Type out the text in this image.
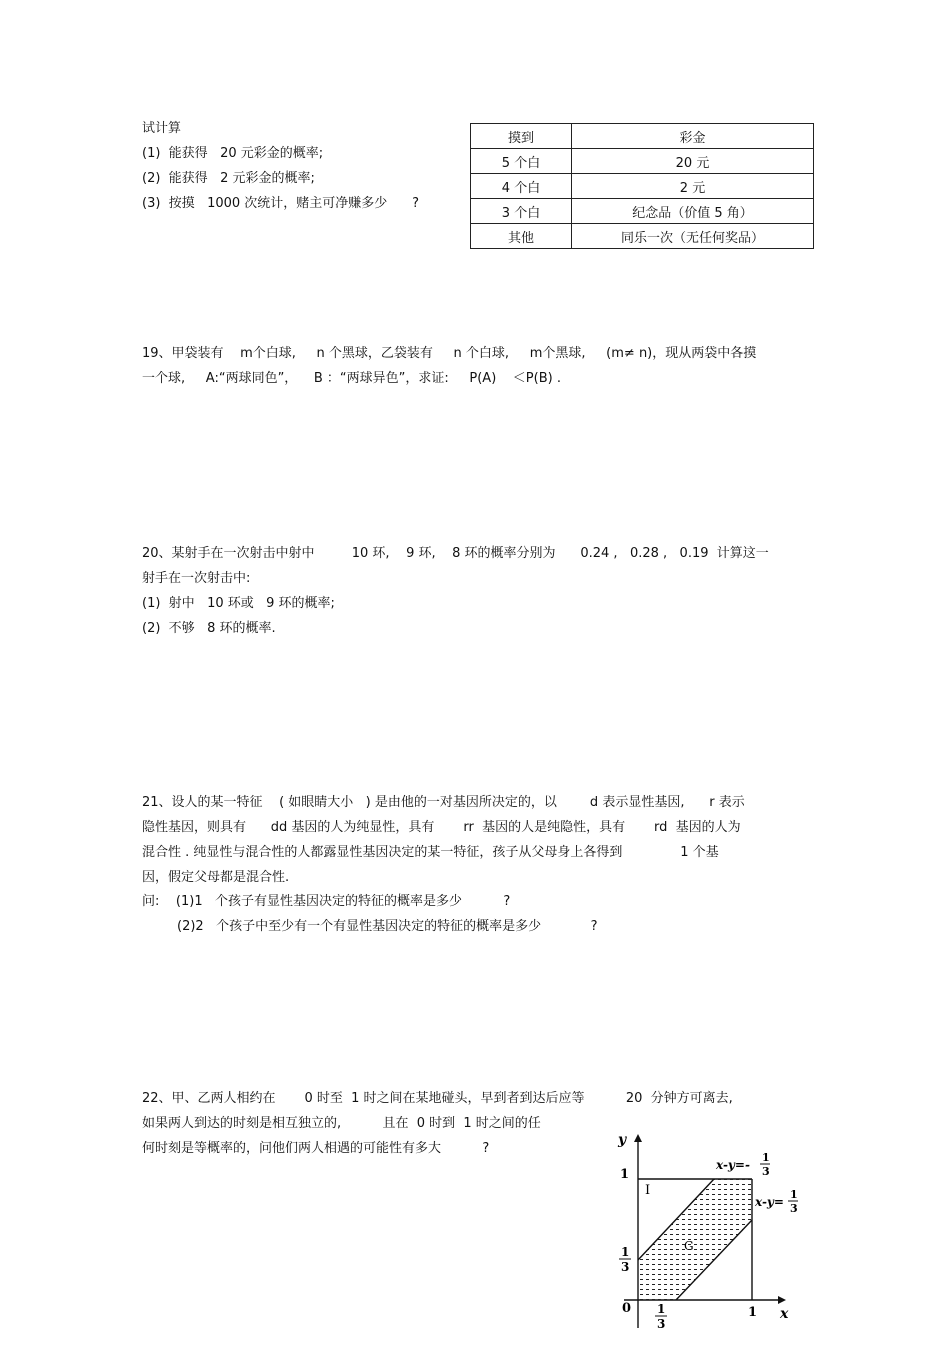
试计算
(1)  能获得   20 元彩金的概率;
(2)  能获得   2 元彩金的概率;
(3)  按摸   1000 次统计，赌主可净赚多少      ?
摸到	彩金
5 个白	20 元
4 个白	2 元
3 个白	纪念品（价值 5 角）
其他	同乐一次（无任何奖品）
19、甲袋装有    m个白球,     n 个黑球，乙袋装有     n 个白球,     m个黑球,     (m≠ n)，现从两袋中各摸
一个球,     A:“两球同色”，    B ：“两球异色”，求证:     P(A)    ＜P(B) .
20、某射手在一次射击中射中         10 环,    9 环,    8 环的概率分别为      0.24 ,   0.28 ,   0.19  计算这一
射手在一次射击中:
(1)  射中   10 环或   9 环的概率;
(2)  不够   8 环的概率.
21、设人的某一特征    ( 如眼睛大小   ) 是由他的一对基因所决定的，以        d 表示显性基因,      r 表示
隐性基因，则具有      dd 基因的人为纯显性，具有       rr  基因的人是纯隐性，具有       rd  基因的人为
混合性 . 纯显性与混合性的人都露显性基因决定的某一特征，孩子从父母身上各得到              1 个基
因，假定父母都是混合性.
问:    (1)1   个孩子有显性基因决定的特征的概率是多少          ?
(2)2   个孩子中至少有一个有显性基因决定的特征的概率是多少            ?
22、甲、乙两人相约在       0 时至  1 时之间在某地碰头，早到者到达后应等          20  分钟方可离去,
如果两人到达的时刻是相互独立的,          且在  0 时到  1 时之间的任
何时刻是等概率的，问他们两人相遇的可能性有多大          ?
y
x
0
1
1
I
G
1
3
1
3
x-y=-
1
3
x-y=
1
3
